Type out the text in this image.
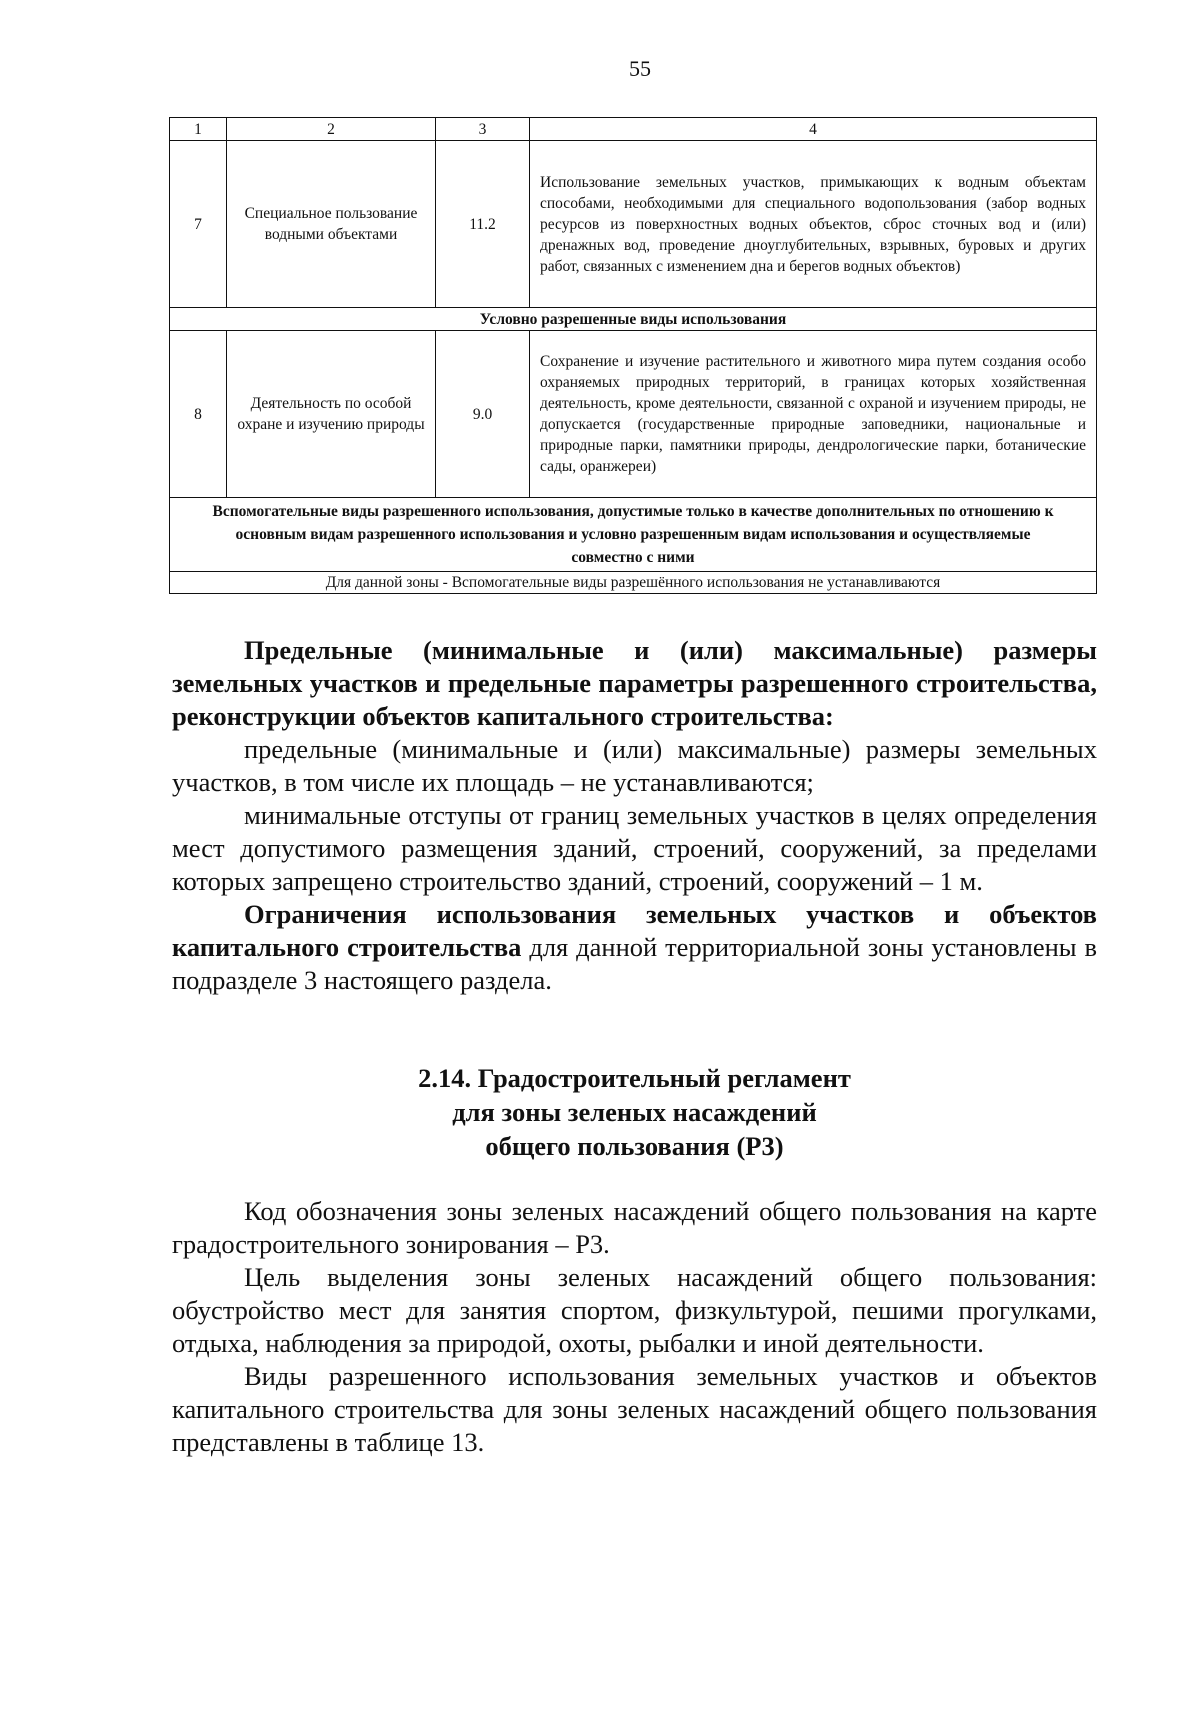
55
1	2	3	4
7	Специальное пользование водными объектами	11.2	Использование земельных участков, примыкающих к водным объектам способами, необходимыми для специального водопользования (забор водных ресурсов из поверхностных водных объектов, сброс сточных вод и (или) дренажных вод, проведение дноуглубительных, взрывных, буровых и других работ, связанных с изменением дна и берегов водных объектов)
Условно разрешенные виды использования			
8	Деятельность по особой охране и изучению природы	9.0	Сохранение и изучение растительного и животного мира путем создания особо охраняемых природных территорий, в границах которых хозяйственная деятельность, кроме деятельности, связанной с охраной и изучением природы, не допускается (государственные природные заповедники, национальные и природные парки, памятники природы, дендрологические парки, ботанические сады, оранжереи)
Вспомогательные виды разрешенного использования, допустимые только в качестве дополнительных по отношению к основным видам разрешенного использования и условно разрешенным видам использования и осуществляемые совместно с ними			
Для данной зоны - Вспомогательные виды разрешённого использования не устанавливаются			

Предельные (минимальные и (или) максимальные) размеры земельных участков и предельные параметры разрешенного строительства, реконструкции объектов капитального строительства:

предельные (минимальные и (или) максимальные) размеры земельных участков, в том числе их площадь – не устанавливаются;

минимальные отступы от границ земельных участков в целях определения мест допустимого размещения зданий, строений, сооружений, за пределами которых запрещено строительство зданий, строений, сооружений – 1 м.

Ограничения использования земельных участков и объектов капитального строительства для данной территориальной зоны установлены в подразделе 3 настоящего раздела.

2.14. Градостроительный регламент
для зоны зеленых насаждений
общего пользования (Р3)

Код обозначения зоны зеленых насаждений общего пользования на карте градостроительного зонирования – Р3.

Цель выделения зоны зеленых насаждений общего пользования: обустройство мест для занятия спортом, физкультурой, пешими прогулками, отдыха, наблюдения за природой, охоты, рыбалки и иной деятельности.

Виды разрешенного использования земельных участков и объектов капитального строительства для зоны зеленых насаждений общего пользования представлены в таблице 13.
